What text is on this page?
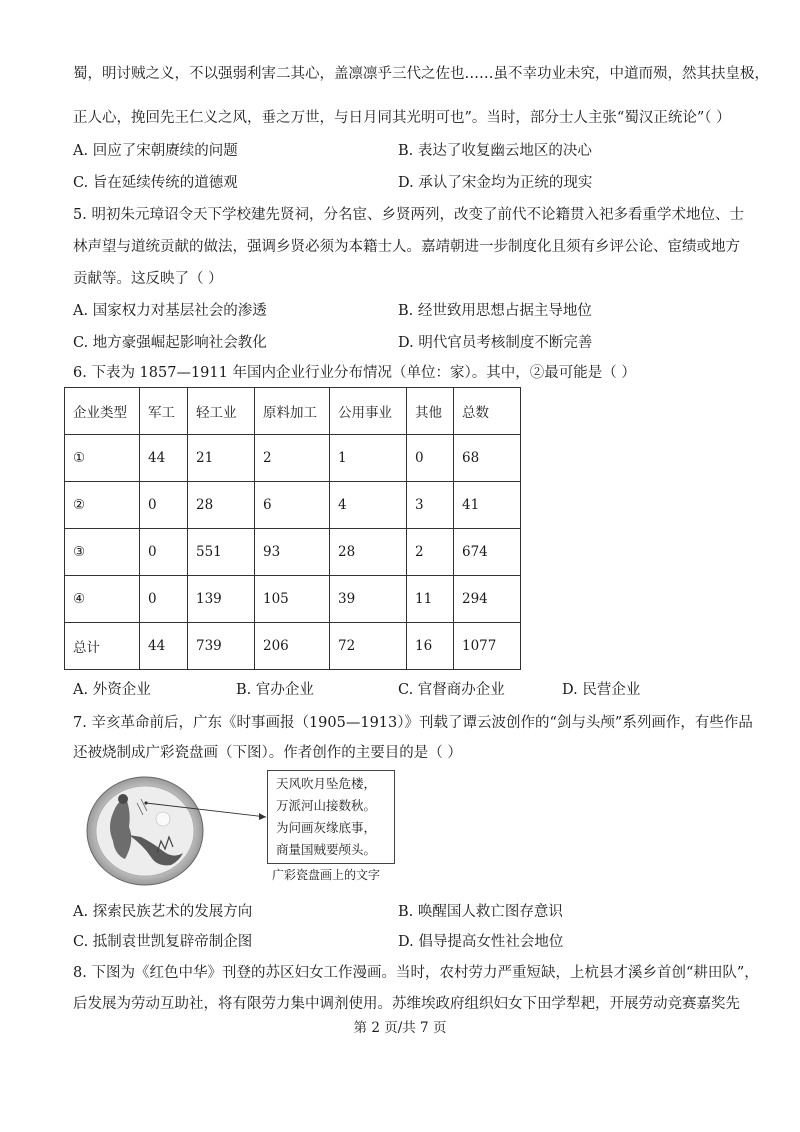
蜀，明讨贼之义，不以强弱利害二其心，盖凛凛乎三代之佐也……虽不幸功业未究，中道而殒，然其扶皇极，
正人心，挽回先王仁义之风，垂之万世，与日月同其光明可也”。当时，部分士人主张“蜀汉正统论”（ ）
A. 回应了宋朝赓续的问题	B. 表达了收复幽云地区的决心
C. 旨在延续传统的道德观	D. 承认了宋金均为正统的现实
5. 明初朱元璋诏令天下学校建先贤祠，分名宦、乡贤两列，改变了前代不论籍贯入祀多看重学术地位、士
林声望与道统贡献的做法，强调乡贤必须为本籍士人。嘉靖朝进一步制度化且须有乡评公论、宦绩或地方
贡献等。这反映了（ ）
A. 国家权力对基层社会的渗透	B. 经世致用思想占据主导地位
C. 地方豪强崛起影响社会教化	D. 明代官员考核制度不断完善
6. 下表为 1857—1911 年国内企业行业分布情况（单位：家）。其中，②最可能是（ ）
企业类型	军工	轻工业	原料加工	公用事业	其他	总数
①	44	21	2	1	0	68
②	0	28	6	4	3	41
③	0	551	93	28	2	674
④	0	139	105	39	11	294
总计	44	739	206	72	16	1077
A. 外资企业	B. 官办企业	C. 官督商办企业	D. 民营企业
7. 辛亥革命前后，广东《时事画报（1905—1913）》刊载了谭云波创作的“剑与头颅”系列画作，有些作品
还被烧制成广彩瓷盘画（下图）。作者创作的主要目的是（ ）
天风吹月坠危楼，
万派河山接数秋。
为问画灰缘底事，
商量国贼要颅头。
广彩瓷盘画上的文字
A. 探索民族艺术的发展方向	B. 唤醒国人救亡图存意识
C. 抵制袁世凯复辟帝制企图	D. 倡导提高女性社会地位
8. 下图为《红色中华》刊登的苏区妇女工作漫画。当时，农村劳力严重短缺，上杭县才溪乡首创“耕田队”，
后发展为劳动互助社，将有限劳力集中调剂使用。苏维埃政府组织妇女下田学犁耙，开展劳动竞赛嘉奖先
第 2 页/共 7 页
